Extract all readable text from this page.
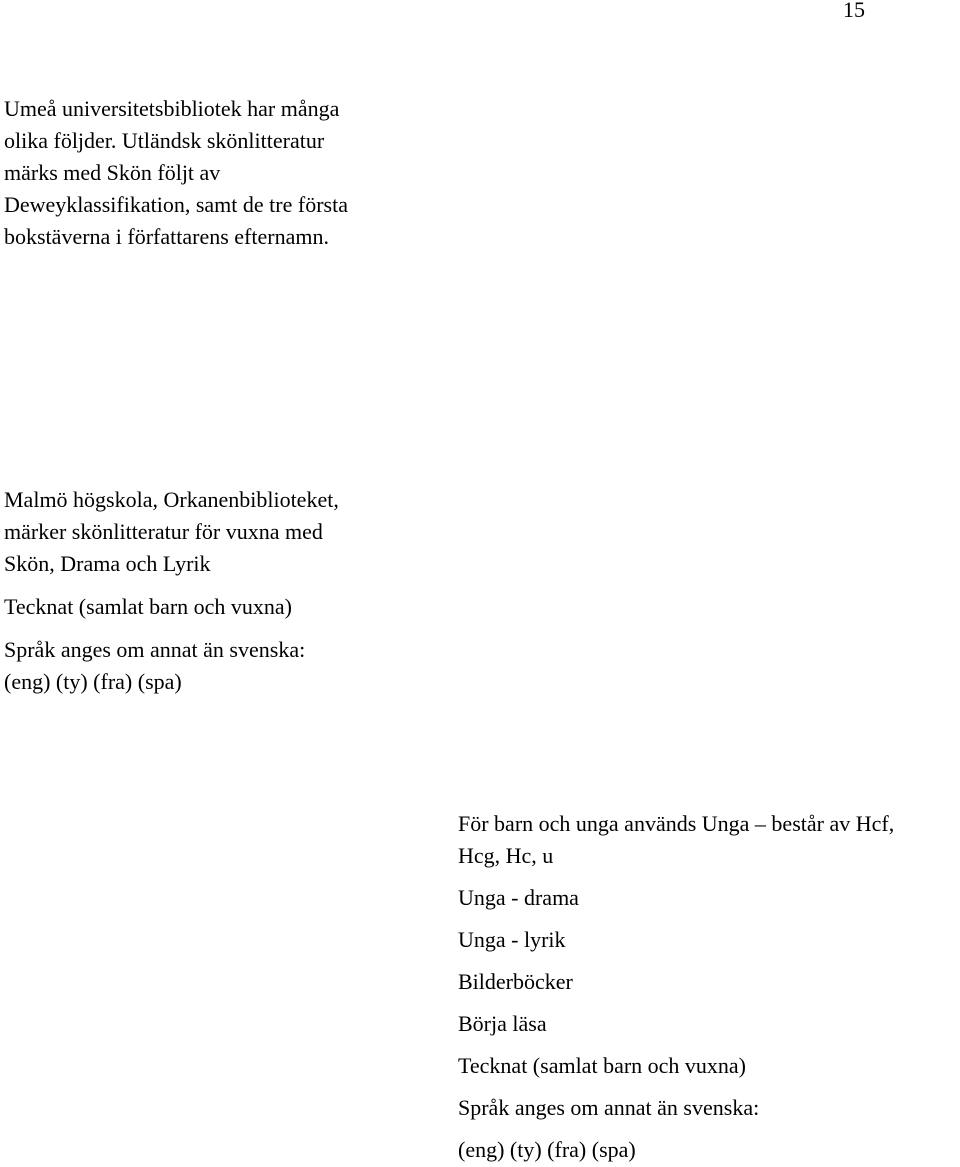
15

Umeå universitetsbibliotek har många

olika följder. Utländsk skönlitteratur

märks med Skön följt av

Deweyklassifikation, samt de tre första

bokstäverna i författarens efternamn.

Malmö högskola, Orkanenbiblioteket,

märker skönlitteratur för vuxna med

Skön, Drama och Lyrik

Tecknat (samlat barn och vuxna)

Språk anges om annat än svenska:

(eng) (ty) (fra) (spa)

För barn och unga används Unga – består av Hcf,

Hcg, Hc, u

Unga - drama

Unga - lyrik

Bilderböcker

Börja läsa

Tecknat (samlat barn och vuxna)

Språk anges om annat än svenska:

(eng) (ty) (fra) (spa)
